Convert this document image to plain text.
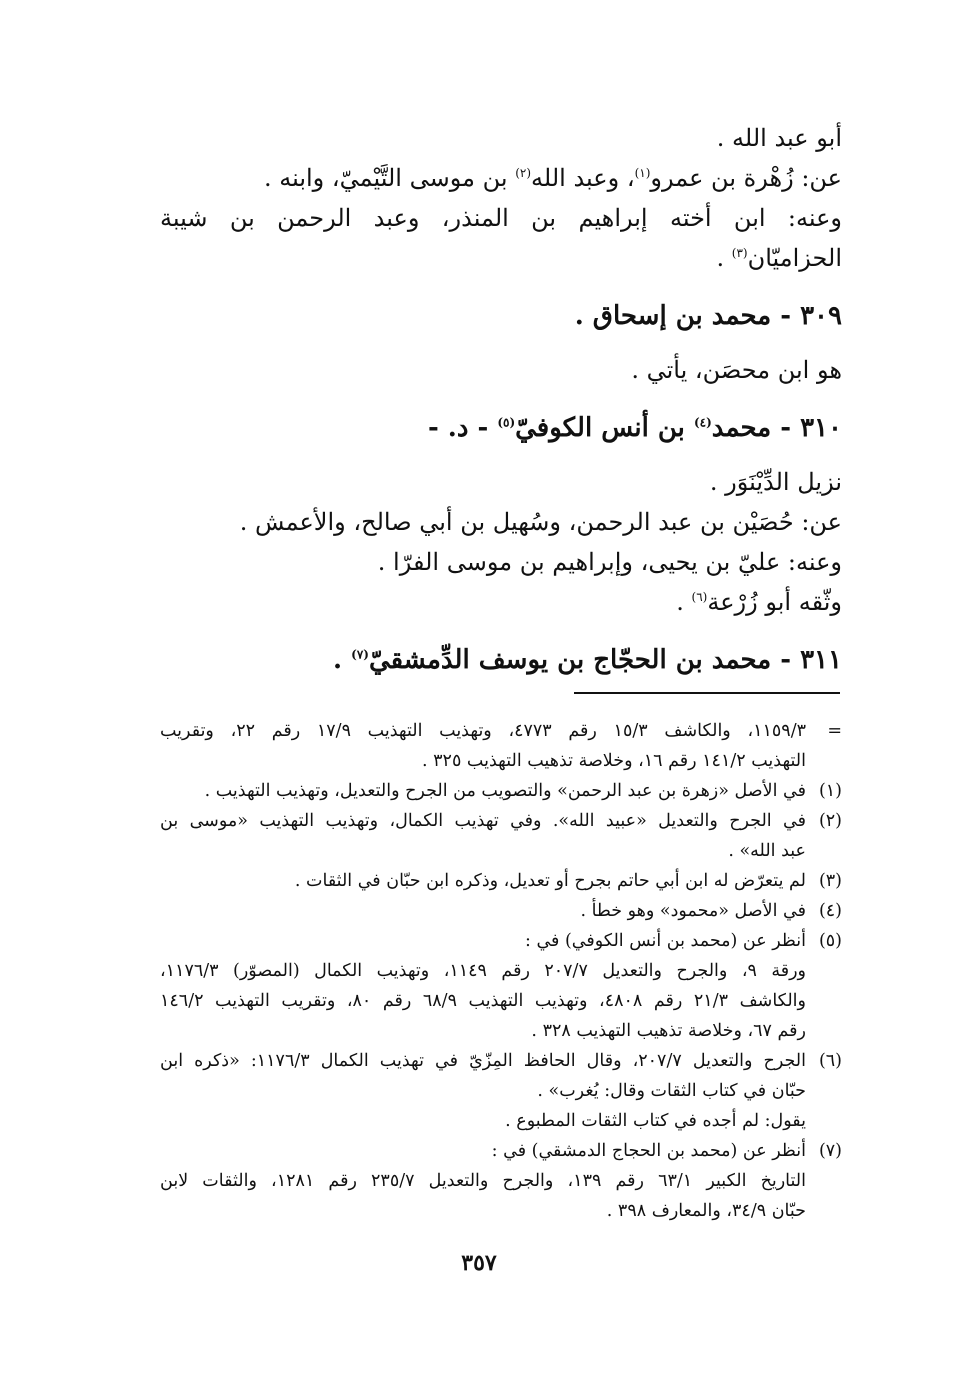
أبو عبد الله .

عن: زُهْرة بن عمرو$^{(١)}$، وعبد الله$^{(٢)}$ بن موسى التَّيْميّ، وابنه .

وعنه: ابن أخته إبراهيم بن المنذر، وعبد الرحمن بن شيبة

الحزاميّان$^{(٣)}$ .

٣٠٩ - محمد بن إسحاق .

هو ابن محصَن، يأتي .

٣١٠ - محمد$^{(٤)}$ بن أنس الكوفيّ$^{(٥)}$ - د. -

نزيل الدِّيْنَوَر .

عن: حُصَيْن بن عبد الرحمن، وسُهيل بن أبي صالح، والأعمش .

وعنه: عليّ بن يحيى، وإبراهيم بن موسى الفرّا .

وثّقه أبو زُرْعة$^{(٦)}$ .

٣١١ - محمد بن الحجّاج بن يوسف الدِّمشقيّ$^{(٧)}$ .

=

١١٥٩/٣، والكاشف ١٥/٣ رقم ٤٧٧٣، وتهذيب التهذيب ١٧/٩ رقم ٢٢، وتقريب

التهذيب ١٤١/٢ رقم ١٦، وخلاصة تذهيب التهذيب ٣٢٥ .

(١)

في الأصل «زهرة بن عبد الرحمن» والتصويب من الجرح والتعديل، وتهذيب التهذيب .

(٢)

في الجرح والتعديل «عبيد الله». وفي تهذيب الكمال، وتهذيب التهذيب «موسى بن

عبد الله» .

(٣)

لم يتعرّض له ابن أبي حاتم بجرح أو تعديل، وذكره ابن حبّان في الثقات .

(٤)

في الأصل «محمود» وهو خطأ .

(٥)

أنظر عن (محمد بن أنس الكوفي) في :

ورقة ٩، والجرح والتعديل ٢٠٧/٧ رقم ١١٤٩، وتهذيب الكمال (المصوّر) ١١٧٦/٣،

والكاشف ٢١/٣ رقم ٤٨٠٨، وتهذيب التهذيب ٦٨/٩ رقم ٨٠، وتقريب التهذيب ١٤٦/٢

رقم ٦٧، وخلاصة تذهيب التهذيب ٣٢٨ .

(٦)

الجرح والتعديل ٢٠٧/٧، وقال الحافظ المِزّيّ في تهذيب الكمال ١١٧٦/٣: «ذكره ابن

حبّان في كتاب الثقات وقال: يُغرب» .

يقول: لم أجده في كتاب الثقات المطبوع .

(٧)

أنظر عن (محمد بن الحجاج الدمشقي) في :

التاريخ الكبير ٦٣/١ رقم ١٣٩، والجرح والتعديل ٢٣٥/٧ رقم ١٢٨١، والثقات لابن

حبّان ٣٤/٩، والمعارف ٣٩٨ .

٣٥٧
